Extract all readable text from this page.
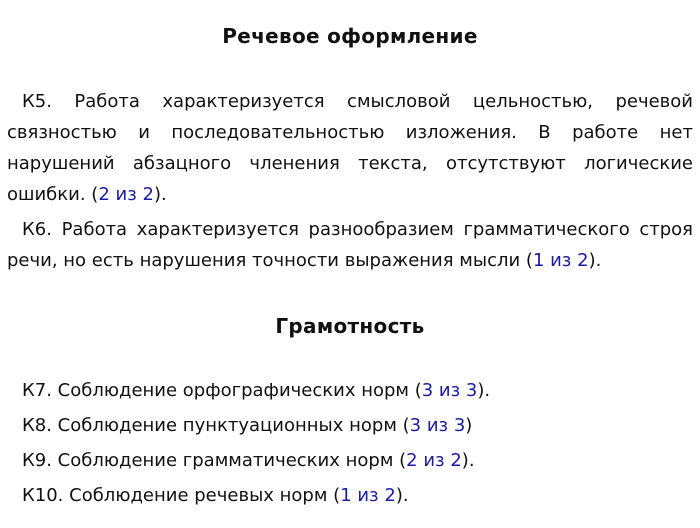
Речевое оформление

К5. Работа характеризуется смысловой цельностью, речевой связностью и последовательностью изложения. В работе нет нарушений абзацного членения текста, отсутствуют логические ошибки. (2 из 2).

К6. Работа характеризуется разнообразием грамматического строя речи, но есть нарушения точности выражения мысли (1 из 2).

Грамотность

К7. Соблюдение орфографических норм (3 из 3).

К8. Соблюдение пунктуационных норм (3 из 3)

К9. Соблюдение грамматических норм (2 из 2).

К10. Соблюдение речевых норм (1 из 2).
